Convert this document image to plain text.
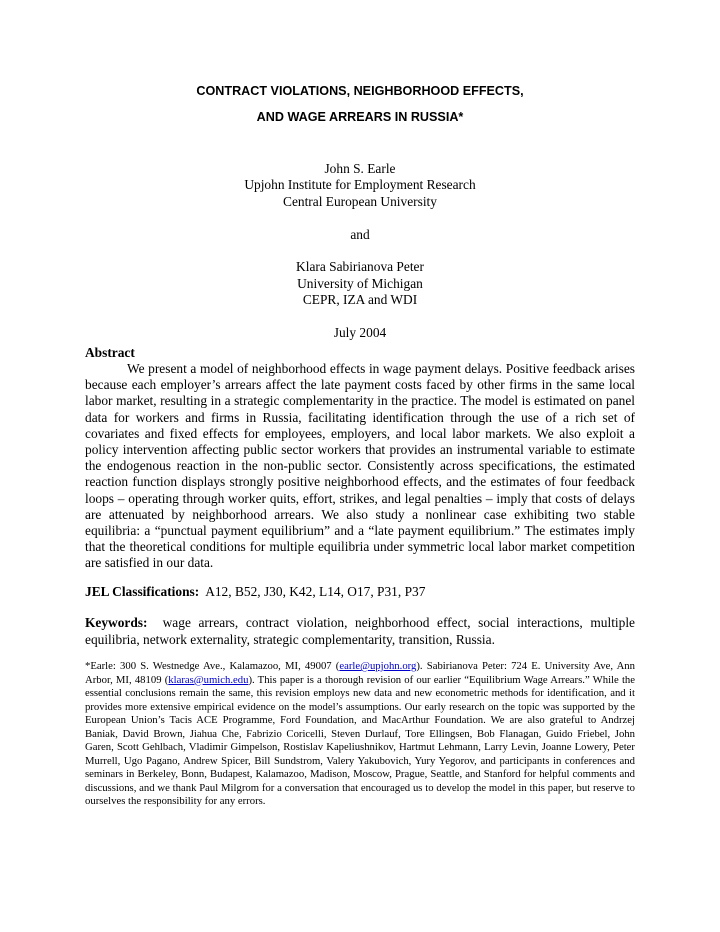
CONTRACT VIOLATIONS, NEIGHBORHOOD EFFECTS,
AND WAGE ARREARS IN RUSSIA*

John S. Earle

Upjohn Institute for Employment Research

Central European University

and

Klara Sabirianova Peter

University of Michigan

CEPR, IZA and WDI

July 2004

Abstract

We present a model of neighborhood effects in wage payment delays. Positive feedback arises because each employer’s arrears affect the late payment costs faced by other firms in the same local labor market, resulting in a strategic complementarity in the practice. The model is estimated on panel data for workers and firms in Russia, facilitating identification through the use of a rich set of covariates and fixed effects for employees, employers, and local labor markets. We also exploit a policy intervention affecting public sector workers that provides an instrumental variable to estimate the endogenous reaction in the non-public sector. Consistently across specifications, the estimated reaction function displays strongly positive neighborhood effects, and the estimates of four feedback loops – operating through worker quits, effort, strikes, and legal penalties – imply that costs of delays are attenuated by neighborhood arrears. We also study a nonlinear case exhibiting two stable equilibria: a “punctual payment equilibrium” and a “late payment equilibrium.” The estimates imply that the theoretical conditions for multiple equilibria under symmetric local labor market competition are satisfied in our data.

JEL Classifications: A12, B52, J30, K42, L14, O17, P31, P37

Keywords: wage arrears, contract violation, neighborhood effect, social interactions, multiple equilibria, network externality, strategic complementarity, transition, Russia.

*Earle: 300 S. Westnedge Ave., Kalamazoo, MI, 49007 (earle@upjohn.org). Sabirianova Peter: 724 E. University Ave, Ann Arbor, MI, 48109 (klaras@umich.edu). This paper is a thorough revision of our earlier “Equilibrium Wage Arrears.” While the essential conclusions remain the same, this revision employs new data and new econometric methods for identification, and it provides more extensive empirical evidence on the model’s assumptions. Our early research on the topic was supported by the European Union’s Tacis ACE Programme, Ford Foundation, and MacArthur Foundation. We are also grateful to Andrzej Baniak, David Brown, Jiahua Che, Fabrizio Coricelli, Steven Durlauf, Tore Ellingsen, Bob Flanagan, Guido Friebel, John Garen, Scott Gehlbach, Vladimir Gimpelson, Rostislav Kapeliushnikov, Hartmut Lehmann, Larry Levin, Joanne Lowery, Peter Murrell, Ugo Pagano, Andrew Spicer, Bill Sundstrom, Valery Yakubovich, Yury Yegorov, and participants in conferences and seminars in Berkeley, Bonn, Budapest, Kalamazoo, Madison, Moscow, Prague, Seattle, and Stanford for helpful comments and discussions, and we thank Paul Milgrom for a conversation that encouraged us to develop the model in this paper, but reserve to ourselves the responsibility for any errors.
